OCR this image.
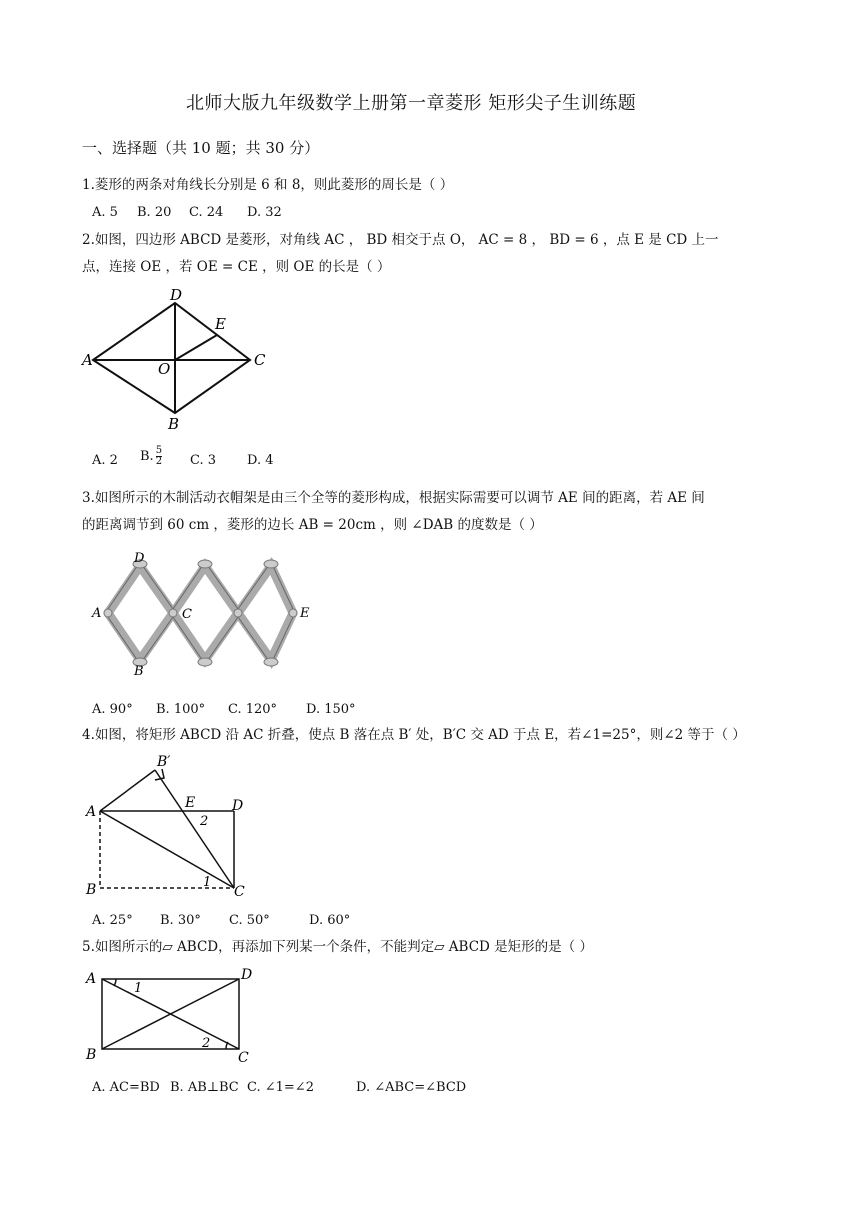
北师大版九年级数学上册第一章菱形 矩形尖子生训练题
一、选择题（共 10 题；共 30 分）
1.菱形的两条对角线长分别是 6 和 8，则此菱形的周长是（ ）
A. 5 B. 20 C. 24 D. 32
2.如图，四边形 ABCD 是菱形，对角线 AC ， BD 相交于点 O， AC = 8 ， BD = 6 ，点 E 是 CD 上一
点，连接 OE ，若 OE = CE ，则 OE 的长是（ ）
A
B
C
D
E
O
A. 2 B. $\frac{5}{2} C$. 3 D. 4
3.如图所示的木制活动衣帽架是由三个全等的菱形构成，根据实际需要可以调节 AE 间的距离，若 AE 间
的距离调节到 60 cm ，菱形的边长 AB = 20cm ，则 ∠DAB 的度数是（ ）
D
A	C	E
B
A. 90° B. 100° C. 120° D. 150°
4.如图，将矩形 ABCD 沿 AC 折叠，使点 B 落在点 B′ 处，B′C 交 AD 于点 E，若∠1=25°，则∠2 等于（ ）
B′
A
E	D
2
1
B	C
A. 25° B. 30° C. 50°	D. 60°
5.如图所示的▱ ABCD，再添加下列某一个条件，不能判定▱ ABCD 是矩形的是（ ）
A
1
D
B
2
C
A. AC=BD B. AB⊥BC C. ∠1=∠2	D. ∠ABC=∠BCD
